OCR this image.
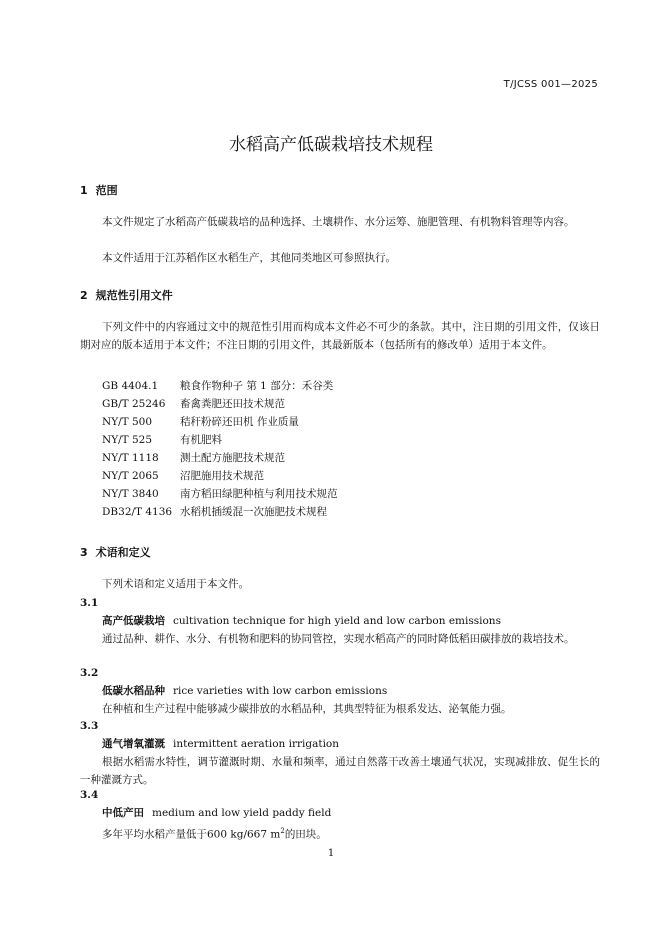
T/JCSS 001—2025
水稻高产低碳栽培技术规程
1 范围
本文件规定了水稻高产低碳栽培的品种选择、土壤耕作、水分运筹、施肥管理、有机物料管理等内容。
本文件适用于江苏稻作区水稻生产，其他同类地区可参照执行。
2 规范性引用文件
下列文件中的内容通过文中的规范性引用而构成本文件必不可少的条款。其中，注日期的引用文件，仅该日期对应的版本适用于本文件；不注日期的引用文件，其最新版本（包括所有的修改单）适用于本文件。
GB 4404.1	粮食作物种子 第 1 部分：禾谷类
GB/T 25246	畜禽粪肥还田技术规范
NY/T 500	秸秆粉碎还田机 作业质量
NY/T 525	有机肥料
NY/T 1118	测土配方施肥技术规范
NY/T 2065	沼肥施用技术规范
NY/T 3840	南方稻田绿肥种植与利用技术规范
DB32/T 4136 水稻机插缓混一次施肥技术规程
3 术语和定义
下列术语和定义适用于本文件。
3.1
高产低碳栽培 cultivation technique for high yield and low carbon emissions
通过品种、耕作、水分、有机物和肥料的协同管控，实现水稻高产的同时降低稻田碳排放的栽培技术。
3.2
低碳水稻品种 rice varieties with low carbon emissions
在种植和生产过程中能够减少碳排放的水稻品种，其典型特征为根系发达、泌氧能力强。
3.3
通气增氧灌溉 intermittent aeration irrigation
根据水稻需水特性，调节灌溉时期、水量和频率，通过自然落干改善土壤通气状况，实现减排放、促生长的一种灌溉方式。
3.4
中低产田 medium and low yield paddy field
多年平均水稻产量低于600 kg/667 $m^2$的田块。
1
